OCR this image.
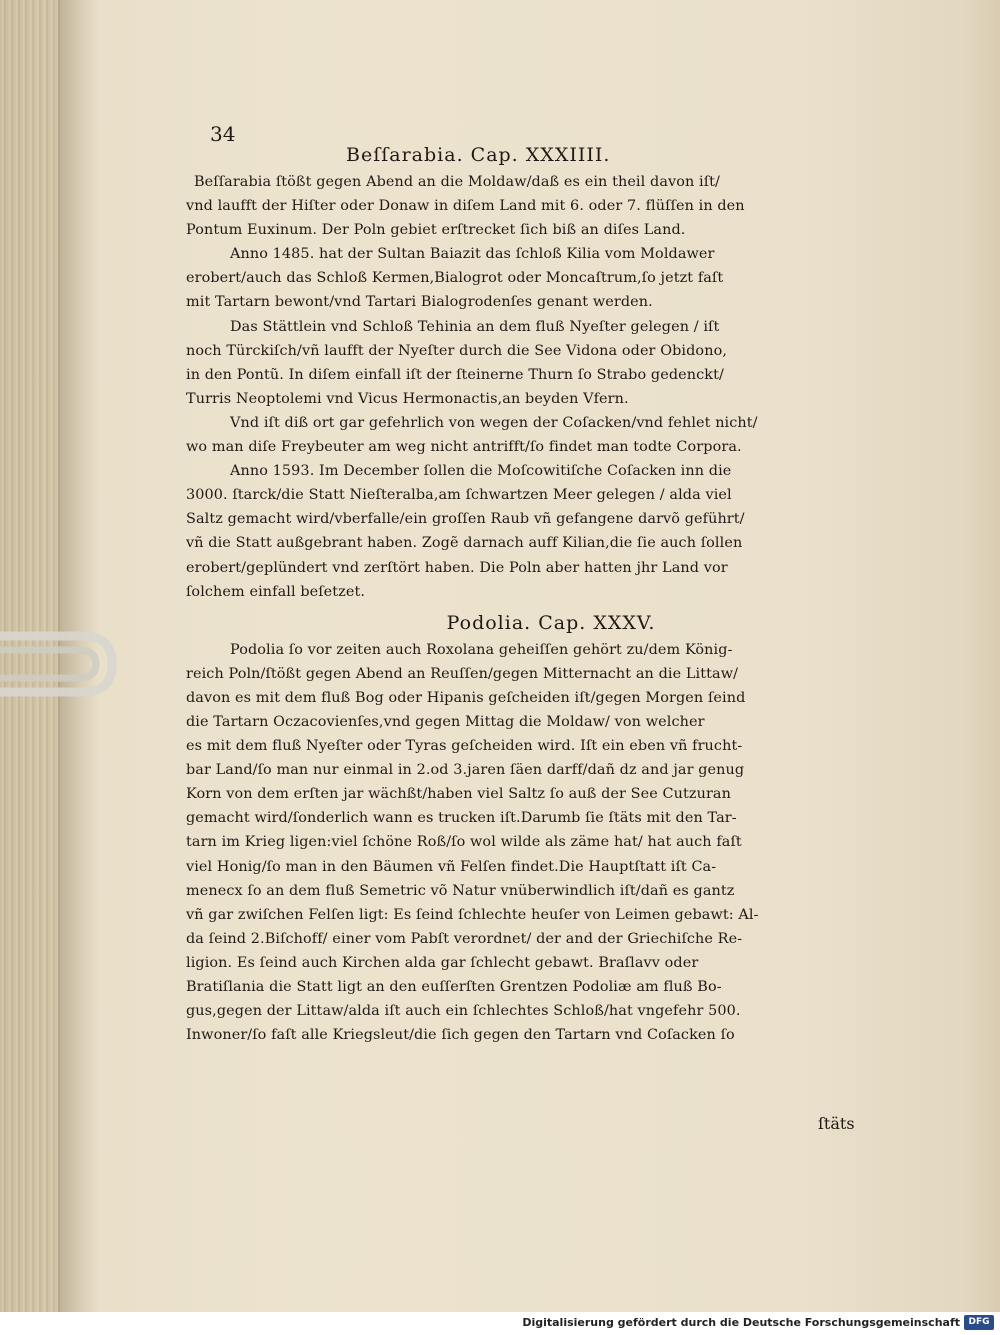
34

Beſſarabia. Cap. XXXIIII.

Beſſarabia ſtößt gegen Abend an die Moldaw/daß es ein theil davon iſt/
vnd laufft der Hiſter oder Donaw in diſem Land mit 6. oder 7. flüſſen in den
Pontum Euxinum. Der Poln gebiet erſtrecket ſich biß an diſes Land.
Anno 1485. hat der Sultan Baiazit das ſchloß Kilia vom Moldawer
erobert/auch das Schloß Kermen,Bialogrot oder Moncaſtrum,ſo jetzt faſt
mit Tartarn bewont/vnd Tartari Bialogrodenſes genant werden.
Das Stättlein vnd Schloß Tehinia an dem fluß Nyeſter gelegen / iſt
noch Türckiſch/vñ laufft der Nyeſter durch die See Vidona oder Obidono,
in den Pontũ. In diſem einfall iſt der ſteinerne Thurn ſo Strabo gedenckt/
Turris Neoptolemi vnd Vicus Hermonactis,an beyden Vfern.
Vnd iſt diß ort gar gefehrlich von wegen der Coſacken/vnd fehlet nicht/
wo man diſe Freybeuter am weg nicht antrifft/ſo findet man todte Corpora.
Anno 1593. Im December ſollen die Moſcowitiſche Coſacken inn die
3000. ſtarck/die Statt Nieſteralba,am ſchwartzen Meer gelegen / alda viel
Saltz gemacht wird/vberfalle/ein groſſen Raub vñ gefangene darvõ geführt/
vñ die Statt außgebrant haben. Zogẽ darnach auff Kilian,die ſie auch ſollen
erobert/geplündert vnd zerſtört haben. Die Poln aber hatten jhr Land vor
ſolchem einfall beſetzet.

Podolia. Cap. XXXV.

Podolia ſo vor zeiten auch Roxolana geheiſſen gehört zu/dem König-
reich Poln/ſtößt gegen Abend an Reuſſen/gegen Mitternacht an die Littaw/
davon es mit dem fluß Bog oder Hipanis geſcheiden iſt/gegen Morgen ſeind
die Tartarn Oczacovienſes,vnd gegen Mittag die Moldaw/ von welcher
es mit dem fluß Nyeſter oder Tyras geſcheiden wird. Iſt ein eben vñ frucht-
bar Land/ſo man nur einmal in 2.od 3.jaren ſäen darff/dañ dz and jar genug
Korn von dem erſten jar wächßt/haben viel Saltz ſo auß der See Cutzuran
gemacht wird/ſonderlich wann es trucken iſt.Darumb ſie ſtäts mit den Tar-
tarn im Krieg ligen:viel ſchöne Roß/ſo wol wilde als zäme hat/ hat auch faſt
viel Honig/ſo man in den Bäumen vñ Felſen findet.Die Hauptſtatt iſt Ca-
menecx ſo an dem fluß Semetric võ Natur vnüberwindlich iſt/dañ es gantz
vñ gar zwiſchen Felſen ligt: Es ſeind ſchlechte heuſer von Leimen gebawt: Al-
da ſeind 2.Biſchoff/ einer vom Pabſt verordnet/ der and der Griechiſche Re-
ligion. Es ſeind auch Kirchen alda gar ſchlecht gebawt. Braſlavv oder
Bratiſlania die Statt ligt an den euſſerſten Grentzen Podoliæ am fluß Bo-
gus,gegen der Littaw/alda iſt auch ein ſchlechtes Schloß/hat vngefehr 500.
Inwoner/ſo faſt alle Kriegsleut/die ſich gegen den Tartarn vnd Coſacken ſo
ſtäts
Digitalisierung gefördert durch die Deutsche Forschungsgemeinschaft DFG
